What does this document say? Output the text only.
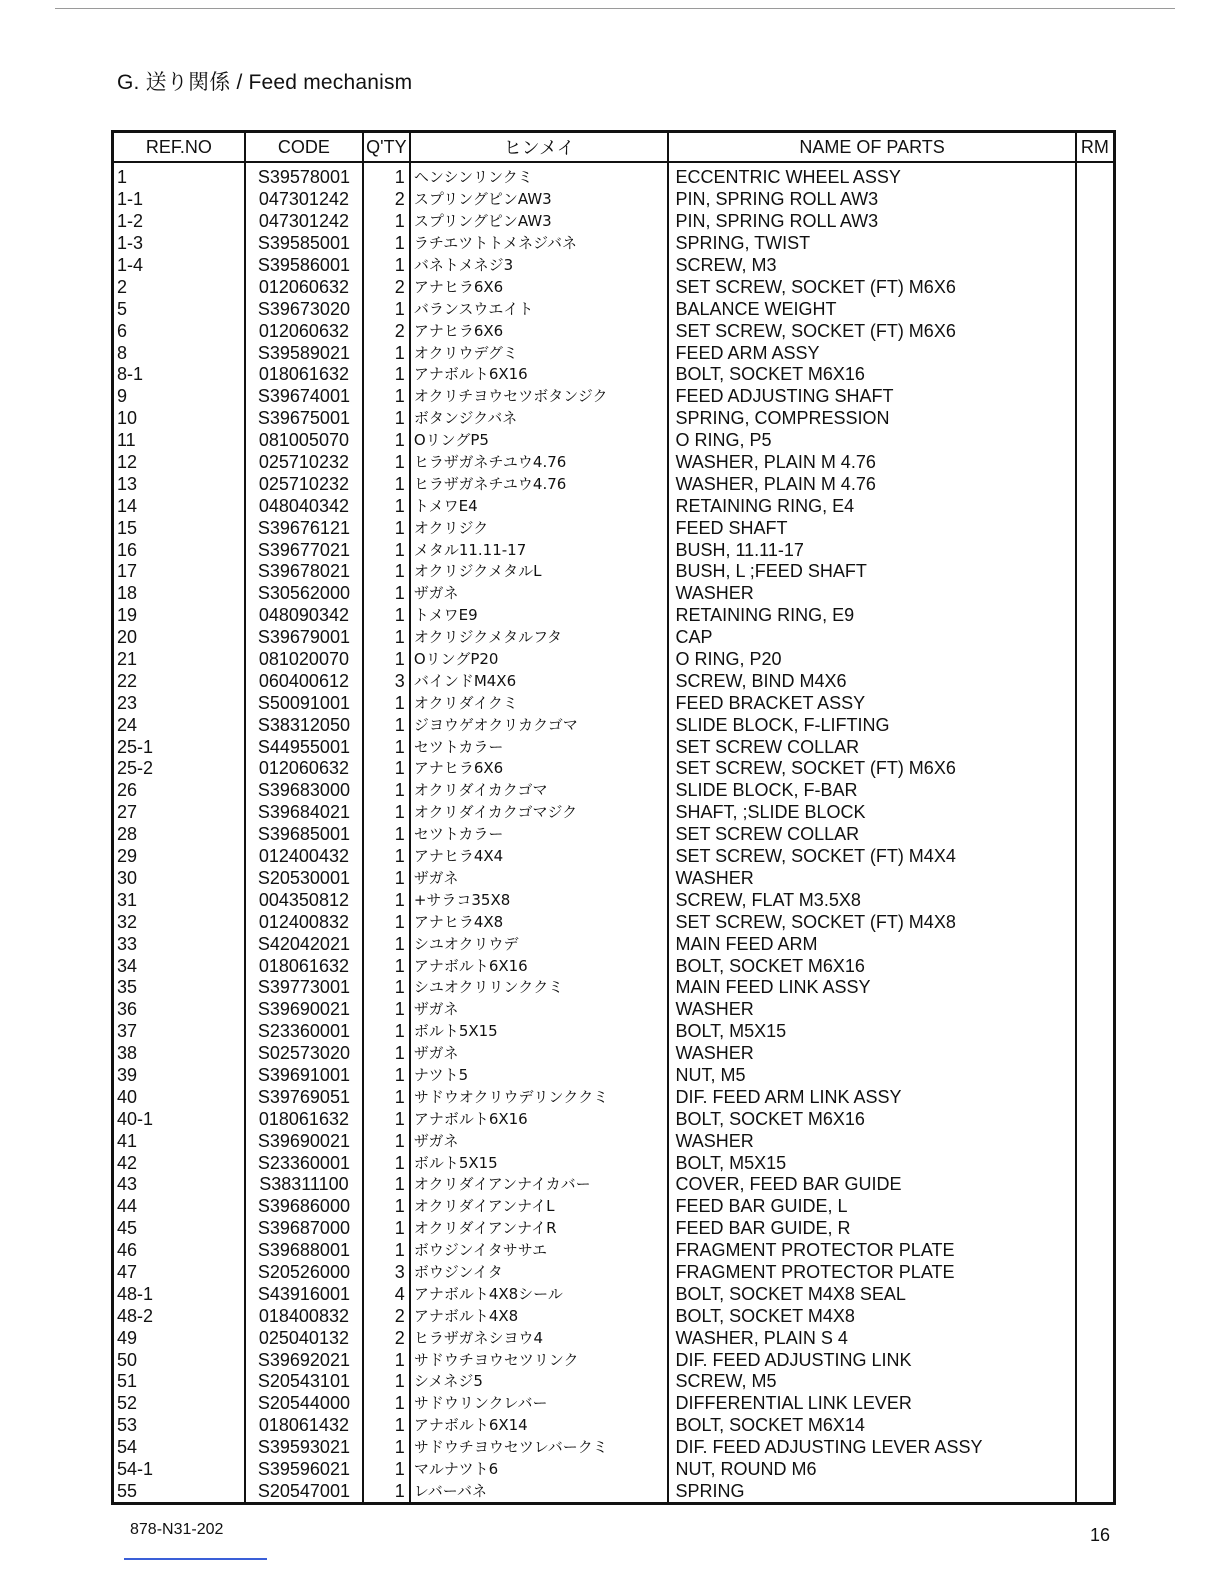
G. 送り関係 / Feed mechanism
REF.NO	CODE	Q'TY	ヒンメイ	NAME OF PARTS	RM
1	S39578001	1	ヘンシンリンクミ	ECCENTRIC WHEEL ASSY	
1-1	047301242	2	スプリングピンAW3	PIN, SPRING ROLL AW3	
1-2	047301242	1	スプリングピンAW3	PIN, SPRING ROLL AW3	
1-3	S39585001	1	ラチエツトトメネジバネ	SPRING, TWIST	
1-4	S39586001	1	バネトメネジ3	SCREW, M3	
2	012060632	2	アナヒラ6X6	SET SCREW, SOCKET (FT) M6X6	
5	S39673020	1	バランスウエイト	BALANCE WEIGHT	
6	012060632	2	アナヒラ6X6	SET SCREW, SOCKET (FT) M6X6	
8	S39589021	1	オクリウデグミ	FEED ARM ASSY	
8-1	018061632	1	アナボルト6X16	BOLT, SOCKET M6X16	
9	S39674001	1	オクリチヨウセツボタンジク	FEED ADJUSTING SHAFT	
10	S39675001	1	ボタンジクバネ	SPRING, COMPRESSION	
11	081005070	1	OリングP5	O RING, P5	
12	025710232	1	ヒラザガネチユウ4.76	WASHER, PLAIN M 4.76	
13	025710232	1	ヒラザガネチユウ4.76	WASHER, PLAIN M 4.76	
14	048040342	1	トメワE4	RETAINING RING, E4	
15	S39676121	1	オクリジク	FEED SHAFT	
16	S39677021	1	メタル11.11-17	BUSH, 11.11-17	
17	S39678021	1	オクリジクメタルL	BUSH, L ;FEED SHAFT	
18	S30562000	1	ザガネ	WASHER	
19	048090342	1	トメワE9	RETAINING RING, E9	
20	S39679001	1	オクリジクメタルフタ	CAP	
21	081020070	1	OリングP20	O RING, P20	
22	060400612	3	バインドM4X6	SCREW, BIND M4X6	
23	S50091001	1	オクリダイクミ	FEED BRACKET ASSY	
24	S38312050	1	ジヨウゲオクリカクゴマ	SLIDE BLOCK, F-LIFTING	
25-1	S44955001	1	セツトカラー	SET SCREW COLLAR	
25-2	012060632	1	アナヒラ6X6	SET SCREW, SOCKET (FT) M6X6	
26	S39683000	1	オクリダイカクゴマ	SLIDE BLOCK, F-BAR	
27	S39684021	1	オクリダイカクゴマジク	SHAFT, ;SLIDE BLOCK	
28	S39685001	1	セツトカラー	SET SCREW COLLAR	
29	012400432	1	アナヒラ4X4	SET SCREW, SOCKET (FT) M4X4	
30	S20530001	1	ザガネ	WASHER	
31	004350812	1	+サラコ35X8	SCREW, FLAT M3.5X8	
32	012400832	1	アナヒラ4X8	SET SCREW, SOCKET (FT) M4X8	
33	S42042021	1	シユオクリウデ	MAIN FEED ARM	
34	018061632	1	アナボルト6X16	BOLT, SOCKET M6X16	
35	S39773001	1	シユオクリリンククミ	MAIN FEED LINK ASSY	
36	S39690021	1	ザガネ	WASHER	
37	S23360001	1	ボルト5X15	BOLT, M5X15	
38	S02573020	1	ザガネ	WASHER	
39	S39691001	1	ナツト5	NUT, M5	
40	S39769051	1	サドウオクリウデリンククミ	DIF. FEED ARM LINK ASSY	
40-1	018061632	1	アナボルト6X16	BOLT, SOCKET M6X16	
41	S39690021	1	ザガネ	WASHER	
42	S23360001	1	ボルト5X15	BOLT, M5X15	
43	S38311100	1	オクリダイアンナイカバー	COVER, FEED BAR GUIDE	
44	S39686000	1	オクリダイアンナイL	FEED BAR GUIDE, L	
45	S39687000	1	オクリダイアンナイR	FEED BAR GUIDE, R	
46	S39688001	1	ボウジンイタササエ	FRAGMENT PROTECTOR PLATE	
47	S20526000	3	ボウジンイタ	FRAGMENT PROTECTOR PLATE	
48-1	S43916001	4	アナボルト4X8シール	BOLT, SOCKET M4X8 SEAL	
48-2	018400832	2	アナボルト4X8	BOLT, SOCKET M4X8	
49	025040132	2	ヒラザガネシヨウ4	WASHER, PLAIN S 4	
50	S39692021	1	サドウチヨウセツリンク	DIF. FEED ADJUSTING LINK	
51	S20543101	1	シメネジ5	SCREW, M5	
52	S20544000	1	サドウリンクレバー	DIFFERENTIAL LINK LEVER	
53	018061432	1	アナボルト6X14	BOLT, SOCKET M6X14	
54	S39593021	1	サドウチヨウセツレバークミ	DIF. FEED ADJUSTING LEVER ASSY	
54-1	S39596021	1	マルナツト6	NUT, ROUND M6	
55	S20547001	1	レバーバネ	SPRING	
878-N31-202	16
